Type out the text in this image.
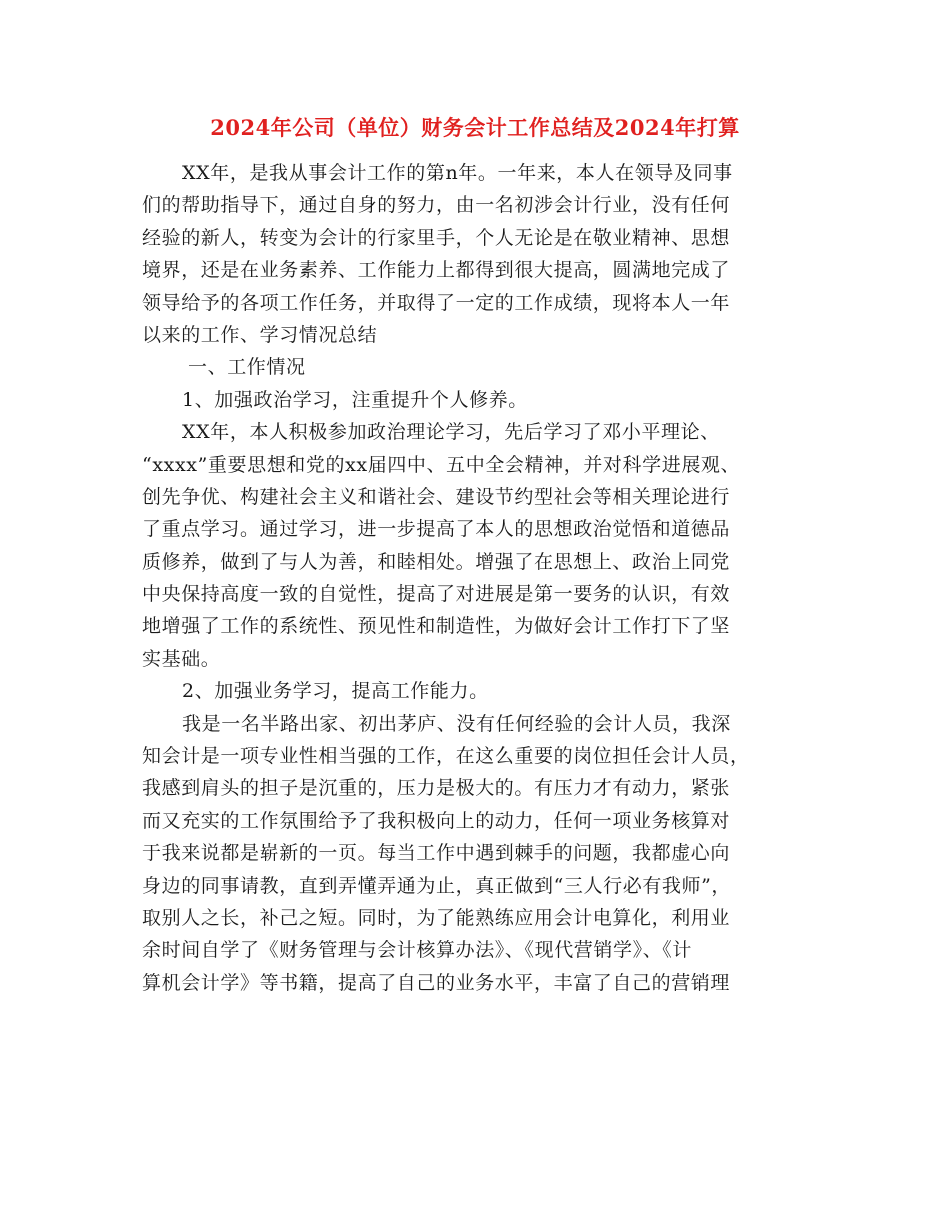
2024年公司（单位）财务会计工作总结及2024年打算
XX年，是我从事会计工作的第n年。一年来，本人在领导及同事
们的帮助指导下，通过自身的努力，由一名初涉会计行业，没有任何
经验的新人，转变为会计的行家里手，个人无论是在敬业精神、思想
境界，还是在业务素养、工作能力上都得到很大提高，圆满地完成了
领导给予的各项工作任务，并取得了一定的工作成绩，现将本人一年
以来的工作、学习情况总结
一、工作情况
1、加强政治学习，注重提升个人修养。
XX年，本人积极参加政治理论学习，先后学习了邓小平理论、
“xxxx”重要思想和党的xx届四中、五中全会精神，并对科学进展观、
创先争优、构建社会主义和谐社会、建设节约型社会等相关理论进行
了重点学习。通过学习，进一步提高了本人的思想政治觉悟和道德品
质修养，做到了与人为善，和睦相处。增强了在思想上、政治上同党
中央保持高度一致的自觉性，提高了对进展是第一要务的认识，有效
地增强了工作的系统性、预见性和制造性，为做好会计工作打下了坚
实基础。
2、加强业务学习，提高工作能力。
我是一名半路出家、初出茅庐、没有任何经验的会计人员，我深
知会计是一项专业性相当强的工作，在这么重要的岗位担任会计人员，
我感到肩头的担子是沉重的，压力是极大的。有压力才有动力，紧张
而又充实的工作氛围给予了我积极向上的动力，任何一项业务核算对
于我来说都是崭新的一页。每当工作中遇到棘手的问题，我都虚心向
身边的同事请教，直到弄懂弄通为止，真正做到“三人行必有我师”，
取别人之长，补己之短。同时，为了能熟练应用会计电算化，利用业
余时间自学了《财务管理与会计核算办法》、《现代营销学》、《计
算机会计学》等书籍，提高了自己的业务水平，丰富了自己的营销理
